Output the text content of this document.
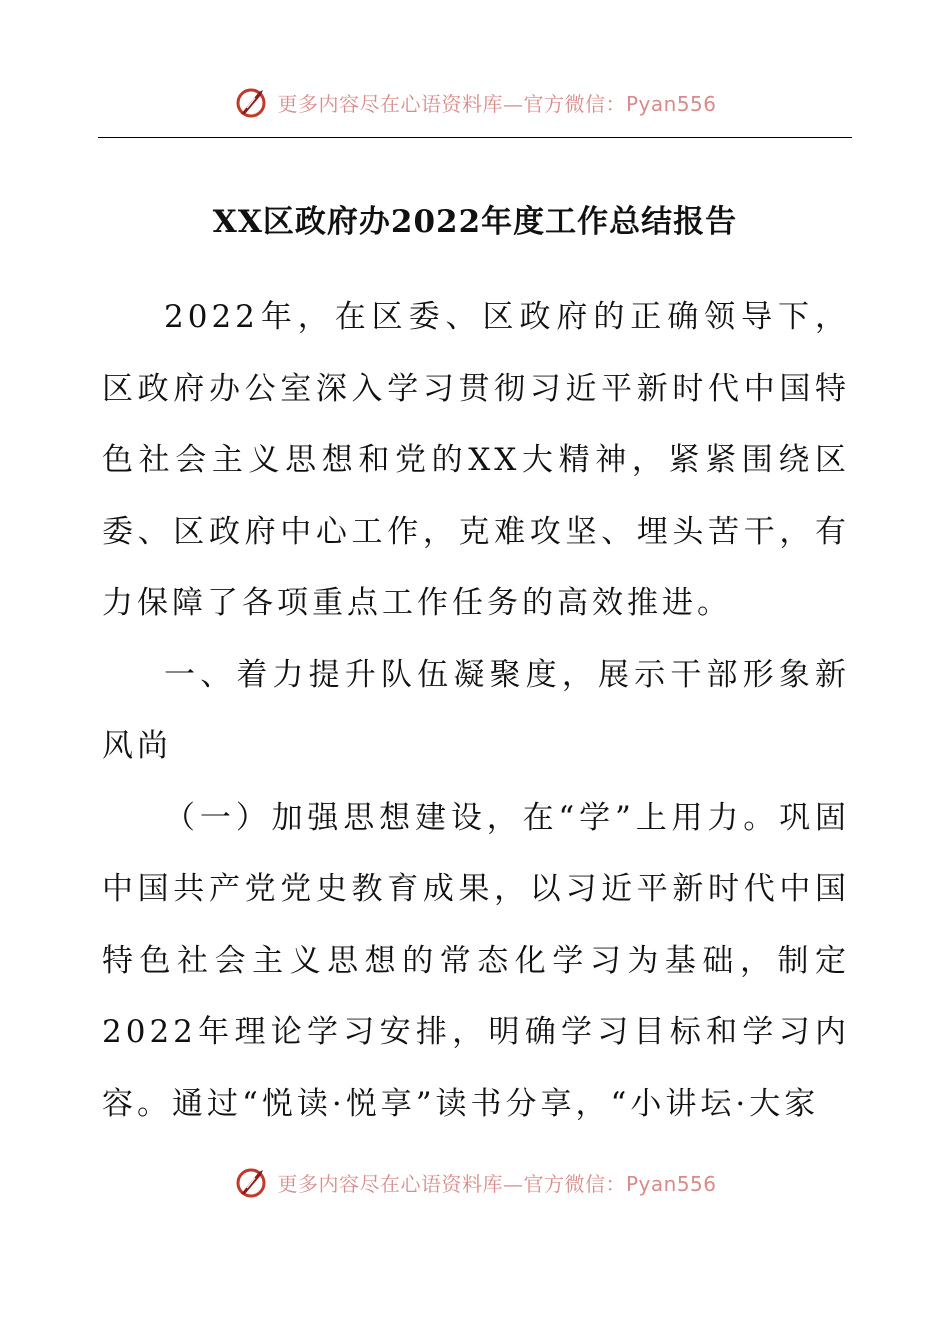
更多内容尽在心语资料库—官方微信：Pyan556
XX区政府办2022年度工作总结报告

2022年，在区委、区政府的正确领导下，区政府办公室深入学习贯彻习近平新时代中国特色社会主义思想和党的XX大精神，紧紧围绕区委、区政府中心工作，克难攻坚、埋头苦干，有力保障了各项重点工作任务的高效推进。

一、着力提升队伍凝聚度，展示干部形象新风尚

（一）加强思想建设，在“学”上用力。巩固中国共产党党史教育成果，以习近平新时代中国特色社会主义思想的常态化学习为基础，制定2022年理论学习安排，明确学习目标和学习内容。通过“悦读·悦享”读书分享，“小讲坛·大家

更多内容尽在心语资料库—官方微信：Pyan556
